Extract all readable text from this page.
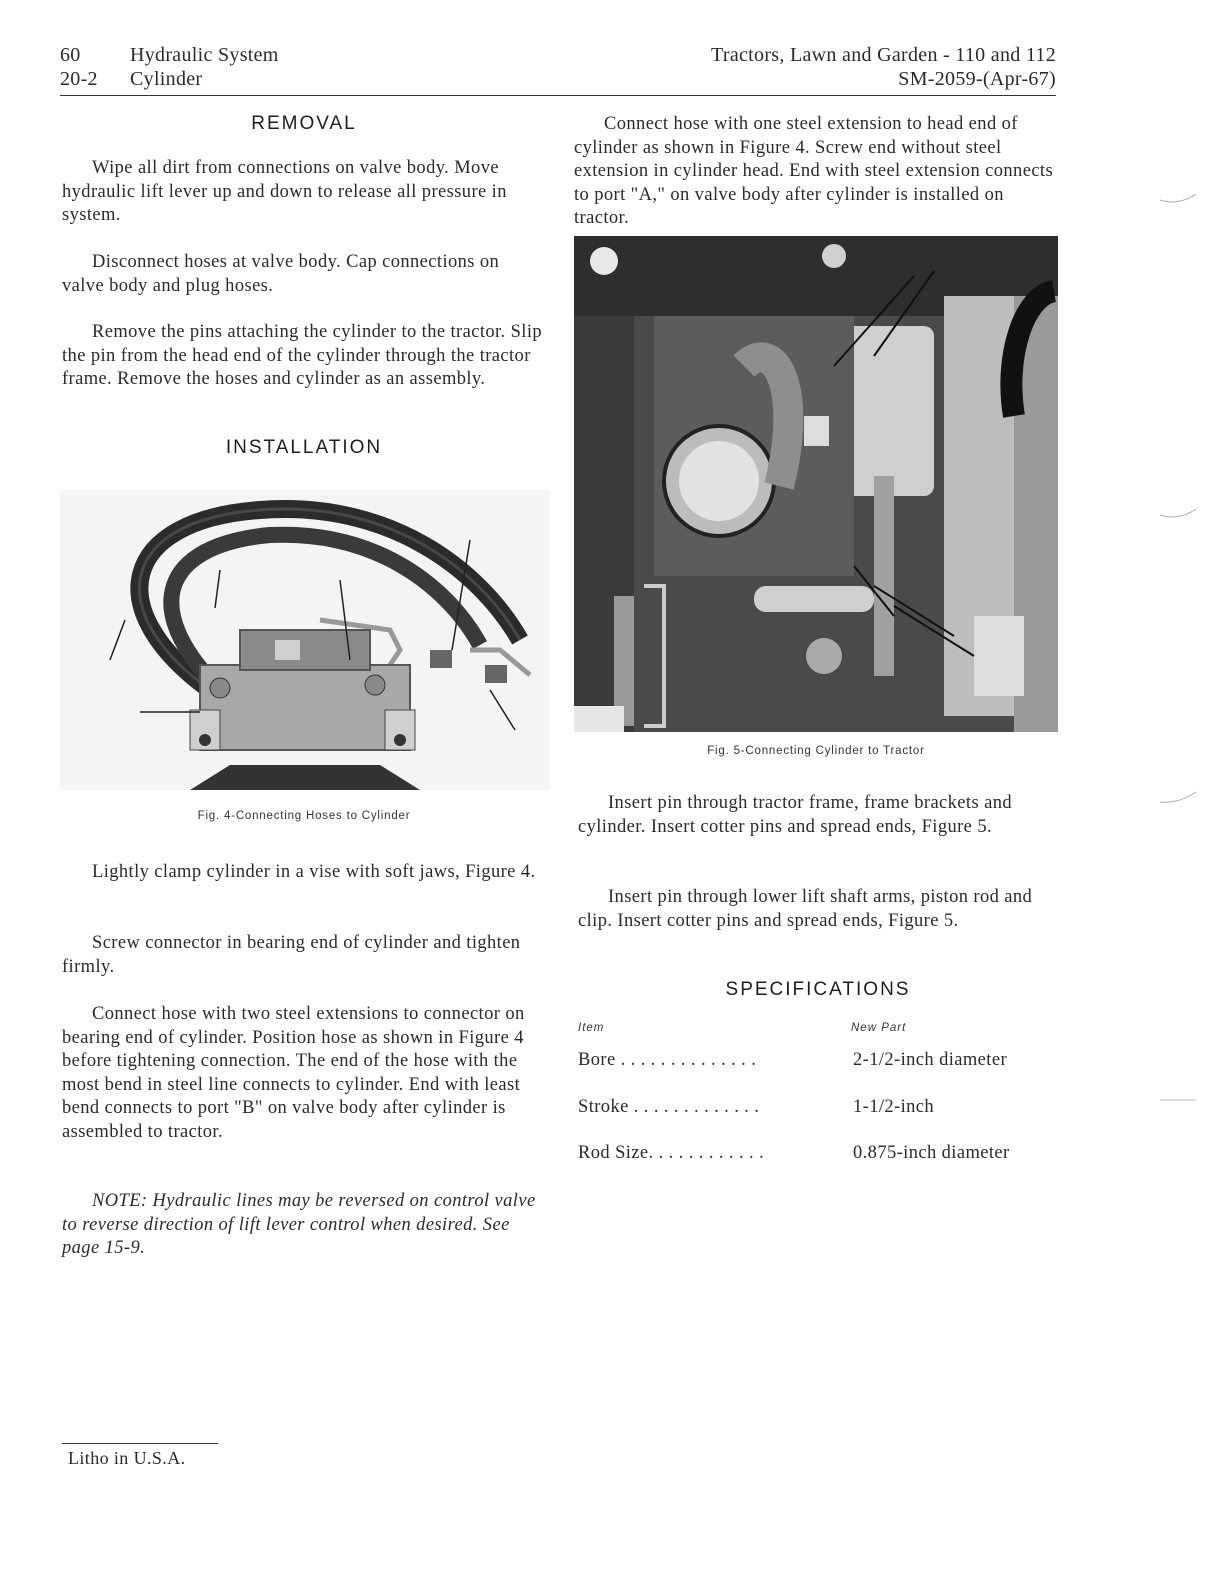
60 Hydraulic System
20-2 Cylinder
Tractors, Lawn and Garden - 110 and 112
SM-2059-(Apr-67)
REMOVAL

Wipe all dirt from connections on valve body. Move hydraulic lift lever up and down to release all pressure in system.

Disconnect hoses at valve body. Cap connections on valve body and plug hoses.

Remove the pins attaching the cylinder to the tractor. Slip the pin from the head end of the cylinder through the tractor frame. Remove the hoses and cylinder as an assembly.

INSTALLATION
Fig. 4-Connecting Hoses to Cylinder

Lightly clamp cylinder in a vise with soft jaws, Figure 4.

Screw connector in bearing end of cylinder and tighten firmly.

Connect hose with two steel extensions to connector on bearing end of cylinder. Position hose as shown in Figure 4 before tightening connection. The end of the hose with the most bend in steel line connects to cylinder. End with least bend connects to port "B" on valve body after cylinder is assembled to tractor.

NOTE: Hydraulic lines may be reversed on control valve to reverse direction of lift lever control when desired. See page 15-9.

Connect hose with one steel extension to head end of cylinder as shown in Figure 4. Screw end without steel extension in cylinder head. End with steel extension connects to port "A," on valve body after cylinder is installed on tractor.

Fig. 5-Connecting Cylinder to Tractor

Insert pin through tractor frame, frame brackets and cylinder. Insert cotter pins and spread ends, Figure 5.

Insert pin through lower lift shaft arms, piston rod and clip. Insert cotter pins and spread ends, Figure 5.

SPECIFICATIONS
Item	New Part
Bore . . . . . . . . . . . . . .	2-1/2-inch diameter
Stroke . . . . . . . . . . . . .	1-1/2-inch
Rod Size. . . . . . . . . . . .	0.875-inch diameter
Litho in U.S.A.
